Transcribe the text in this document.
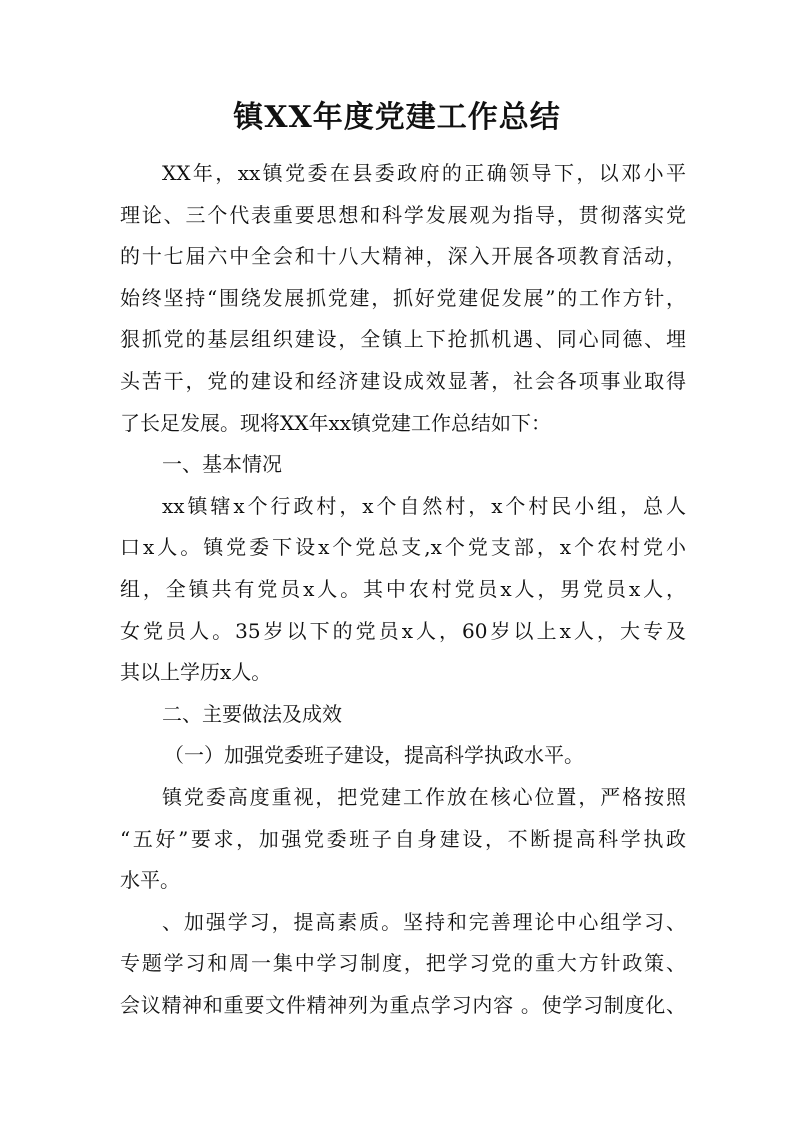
镇XX年度党建工作总结
XX年，xx镇党委在县委政府的正确领导下，以邓小平
理论、三个代表重要思想和科学发展观为指导，贯彻落实党
的十七届六中全会和十八大精神，深入开展各项教育活动，
始终坚持“围绕发展抓党建，抓好党建促发展”的工作方针，
狠抓党的基层组织建设，全镇上下抢抓机遇、同心同德、埋
头苦干，党的建设和经济建设成效显著，社会各项事业取得
了长足发展。现将XX年xx镇党建工作总结如下：
一、基本情况
xx镇辖x个行政村，x个自然村，x个村民小组，总人
口x人。镇党委下设x个党总支,x个党支部，x个农村党小
组，全镇共有党员x人。其中农村党员x人，男党员x人，
女党员人。35岁以下的党员x人，60岁以上x人，大专及
其以上学历x人。
二、主要做法及成效
（一）加强党委班子建设，提高科学执政水平。
镇党委高度重视，把党建工作放在核心位置，严格按照
“五好”要求，加强党委班子自身建设，不断提高科学执政
水平。
、加强学习，提高素质。坚持和完善理论中心组学习、
专题学习和周一集中学习制度，把学习党的重大方针政策、
会议精神和重要文件精神列为重点学习内容 。使学习制度化、
